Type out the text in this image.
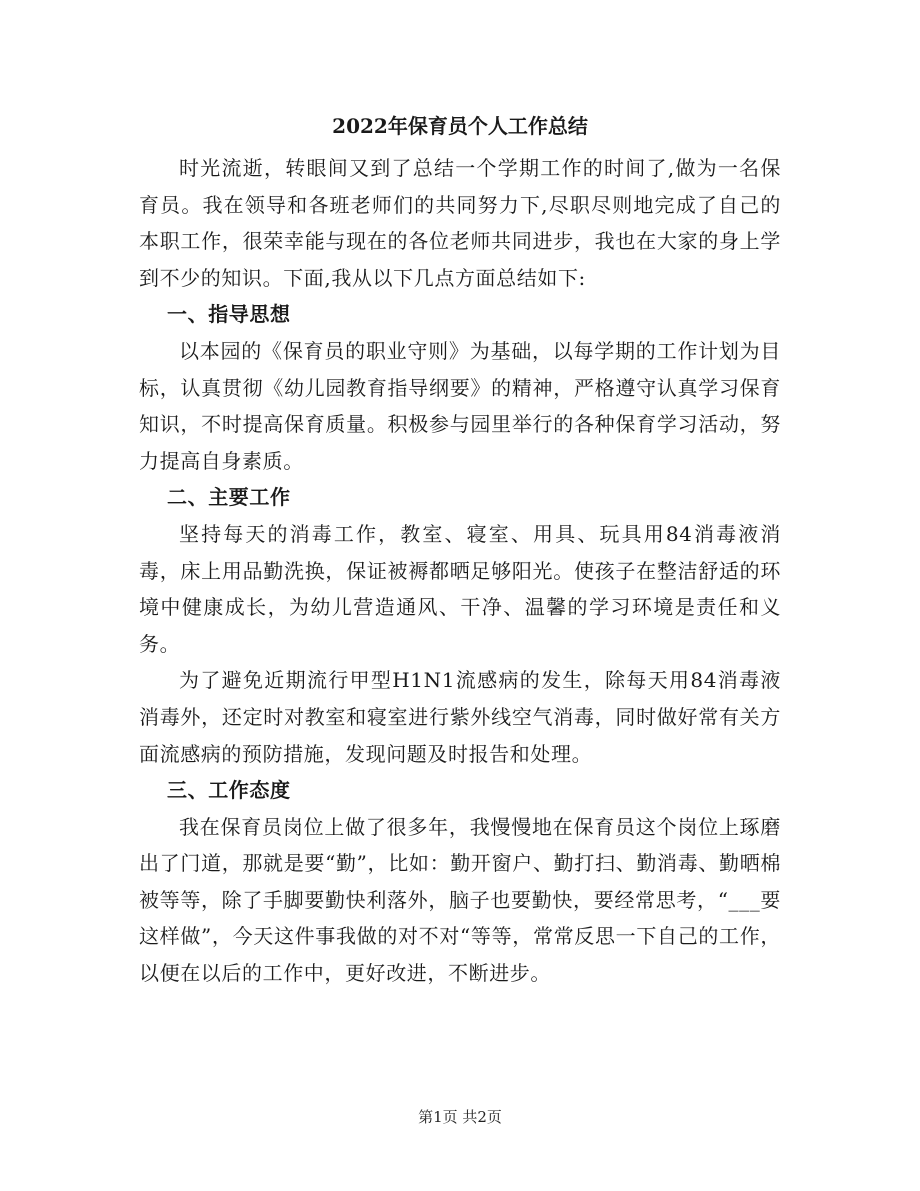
2022年保育员个人工作总结

时光流逝，转眼间又到了总结一个学期工作的时间了,做为一名保育员。我在领导和各班老师们的共同努力下,尽职尽则地完成了自己的本职工作，很荣幸能与现在的各位老师共同进步，我也在大家的身上学到不少的知识。下面,我从以下几点方面总结如下:

一、指导思想

以本园的《保育员的职业守则》为基础，以每学期的工作计划为目标，认真贯彻《幼儿园教育指导纲要》的精神，严格遵守认真学习保育知识，不时提高保育质量。积极参与园里举行的各种保育学习活动，努力提高自身素质。

二、主要工作

坚持每天的消毒工作，教室、寝室、用具、玩具用84消毒液消毒，床上用品勤洗换，保证被褥都晒足够阳光。使孩子在整洁舒适的环境中健康成长，为幼儿营造通风、干净、温馨的学习环境是责任和义务。

为了避免近期流行甲型H1N1流感病的发生，除每天用84消毒液消毒外，还定时对教室和寝室进行紫外线空气消毒，同时做好常有关方面流感病的预防措施，发现问题及时报告和处理。

三、工作态度

我在保育员岗位上做了很多年，我慢慢地在保育员这个岗位上琢磨出了门道，那就是要“勤”，比如：勤开窗户、勤打扫、勤消毒、勤晒棉被等等，除了手脚要勤快利落外，脑子也要勤快，要经常思考，“___要这样做”，今天这件事我做的对不对“等等，常常反思一下自己的工作，以便在以后的工作中，更好改进，不断进步。

第1页 共2页
